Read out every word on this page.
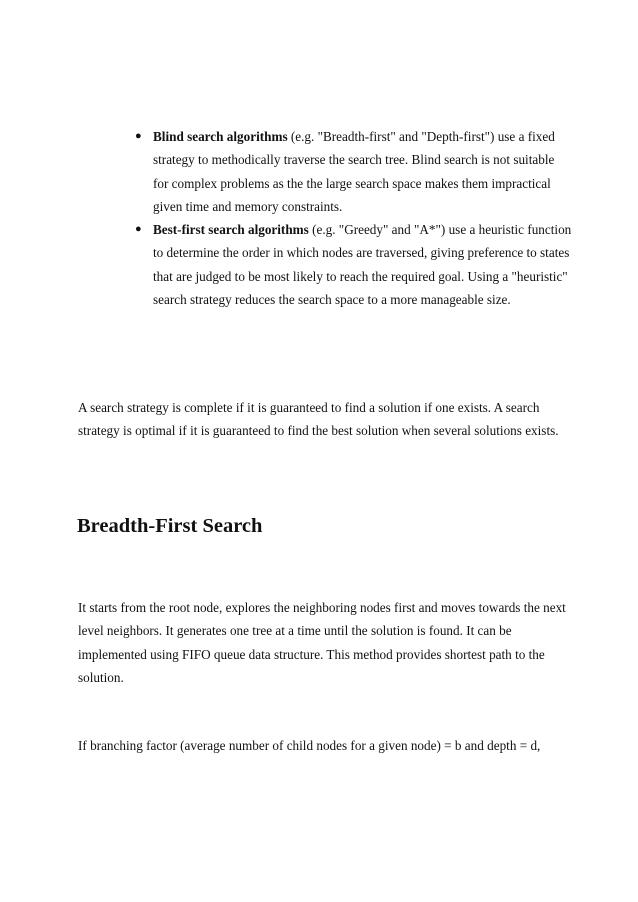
● Blind search algorithms (e.g. "Breadth-first" and "Depth-first") use a fixed strategy to methodically traverse the search tree. Blind search is not suitable for complex problems as the the large search space makes them impractical given time and memory constraints.
● Best-first search algorithms (e.g. "Greedy" and "A*") use a heuristic function to determine the order in which nodes are traversed, giving preference to states that are judged to be most likely to reach the required goal. Using a "heuristic" search strategy reduces the search space to a more manageable size.

A search strategy is complete if it is guaranteed to find a solution if one exists. A search strategy is optimal if it is guaranteed to find the best solution when several solutions exists.

Breadth-First Search

It starts from the root node, explores the neighboring nodes first and moves towards the next level neighbors. It generates one tree at a time until the solution is found. It can be implemented using FIFO queue data structure. This method provides shortest path to the solution.

If branching factor (average number of child nodes for a given node) = b and depth = d,
